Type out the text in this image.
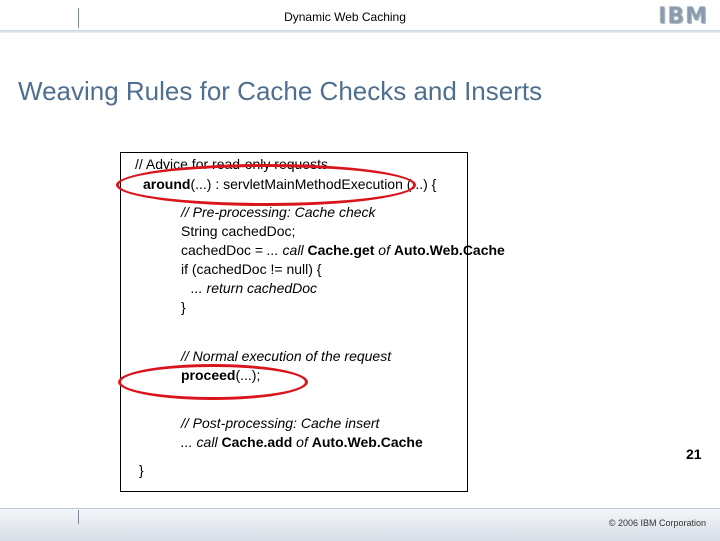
Dynamic Web Caching	IBM
Weaving Rules for Cache Checks and Inserts
// Advice for read-only requests
around(...) : servletMainMethodExecution (...) {
// Pre-processing: Cache check
String cachedDoc;
cachedDoc = ... call Cache.get of Auto.Web.Cache
if (cachedDoc != null) {
... return cachedDoc
}
// Normal execution of the request
proceed(...);
// Post-processing: Cache insert
... call Cache.add of Auto.Web.Cache
}
21
© 2006 IBM Corporation
